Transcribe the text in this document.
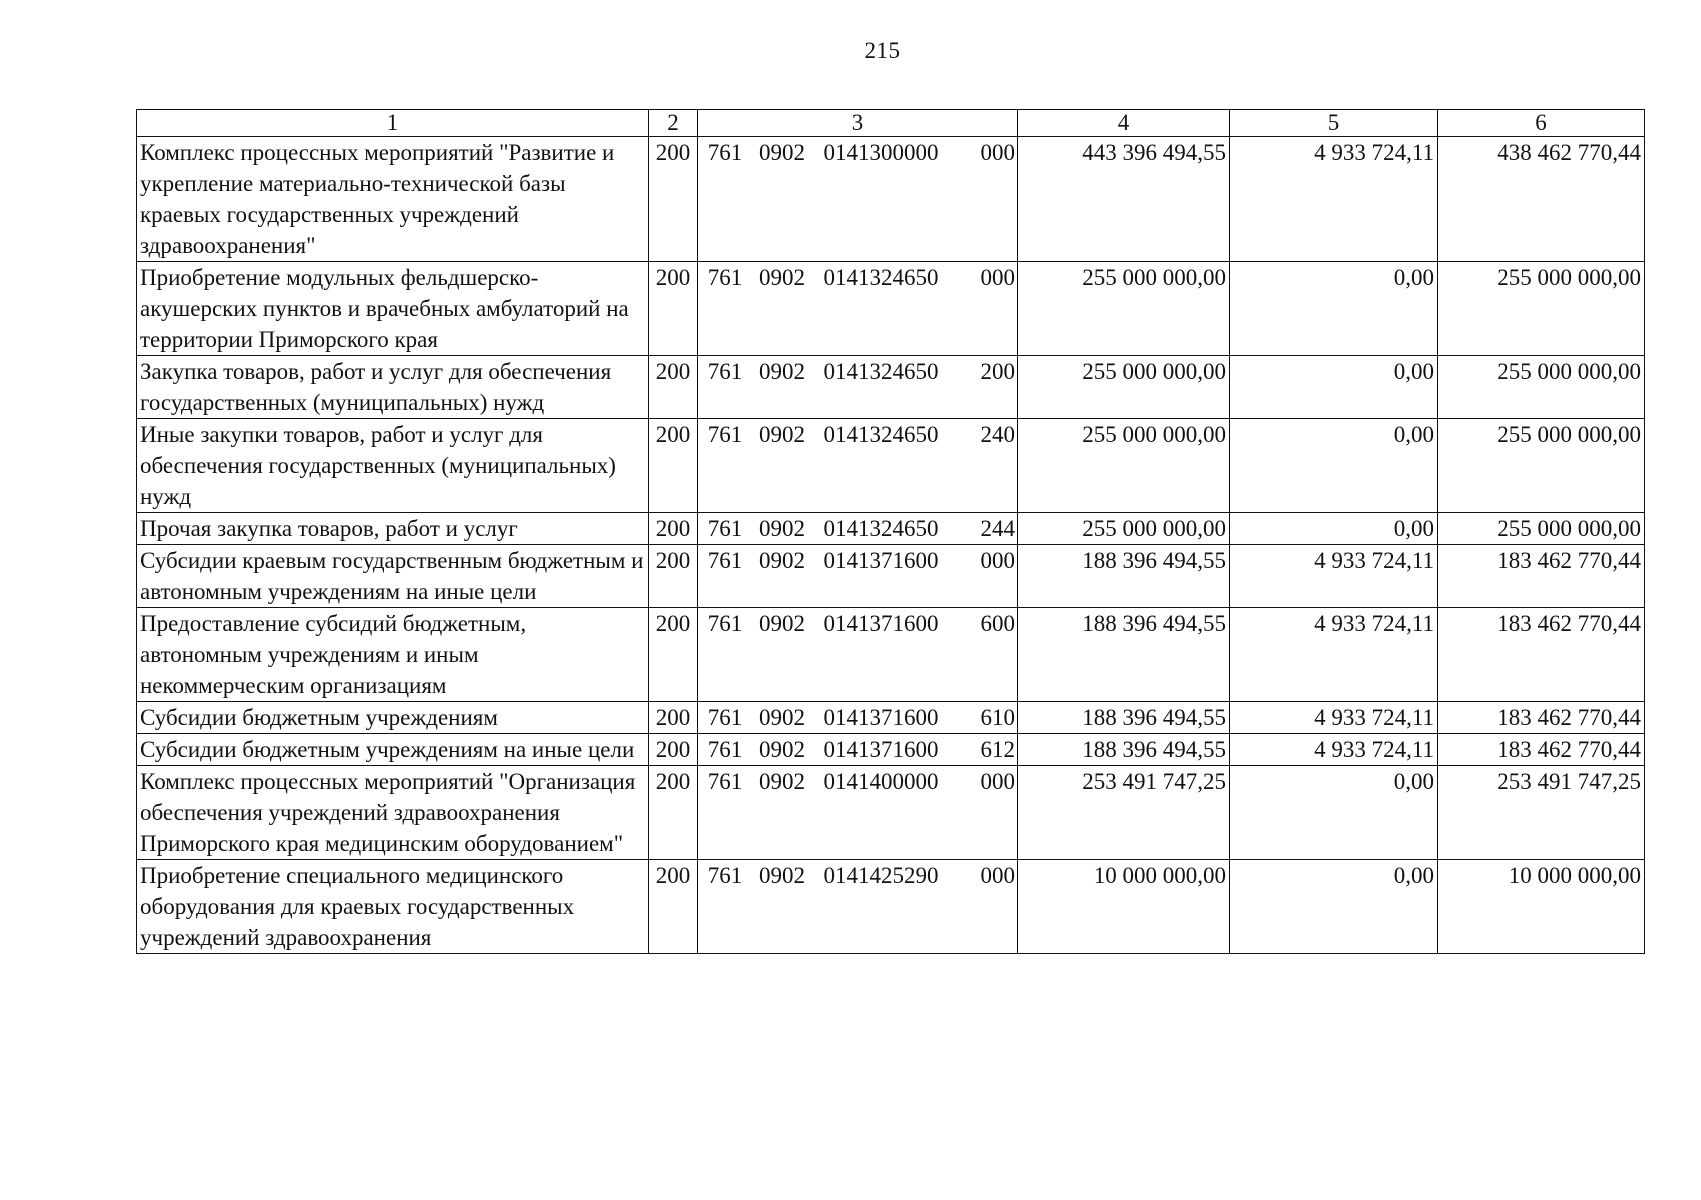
215
1	2	3	4	5	6
Комплекс процессных мероприятий "Развитие и укрепление материально-технической базы краевых государственных учреждений здравоохранения"	200	761 0902 0141300000 000	443 396 494,55	4 933 724,11	438 462 770,44
Приобретение модульных фельдшерско-акушерских пунктов и врачебных амбулаторий на территории Приморского края	200	761 0902 0141324650 000	255 000 000,00	0,00	255 000 000,00
Закупка товаров, работ и услуг для обеспечения государственных (муниципальных) нужд	200	761 0902 0141324650 200	255 000 000,00	0,00	255 000 000,00
Иные закупки товаров, работ и услуг для обеспечения государственных (муниципальных) нужд	200	761 0902 0141324650 240	255 000 000,00	0,00	255 000 000,00
Прочая закупка товаров, работ и услуг	200	761 0902 0141324650 244	255 000 000,00	0,00	255 000 000,00
Субсидии краевым государственным бюджетным и автономным учреждениям на иные цели	200	761 0902 0141371600 000	188 396 494,55	4 933 724,11	183 462 770,44
Предоставление субсидий бюджетным, автономным учреждениям и иным некоммерческим организациям	200	761 0902 0141371600 600	188 396 494,55	4 933 724,11	183 462 770,44
Субсидии бюджетным учреждениям	200	761 0902 0141371600 610	188 396 494,55	4 933 724,11	183 462 770,44
Субсидии бюджетным учреждениям на иные цели	200	761 0902 0141371600 612	188 396 494,55	4 933 724,11	183 462 770,44
Комплекс процессных мероприятий "Организация обеспечения учреждений здравоохранения Приморского края медицинским оборудованием"	200	761 0902 0141400000 000	253 491 747,25	0,00	253 491 747,25
Приобретение специального медицинского оборудования для краевых государственных учреждений здравоохранения	200	761 0902 0141425290 000	10 000 000,00	0,00	10 000 000,00
